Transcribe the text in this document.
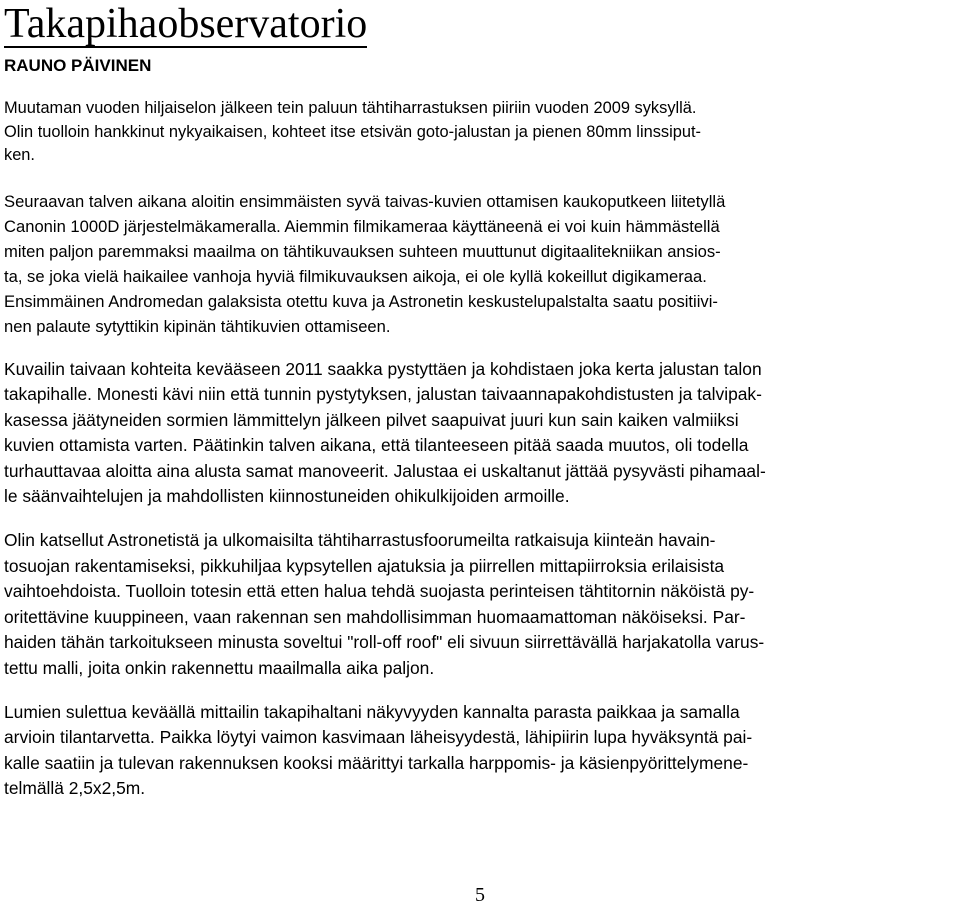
Takapihaobservatorio
RAUNO PÄIVINEN

Muutaman vuoden hiljaiselon jälkeen tein paluun tähtiharrastuksen piiriin vuoden 2009 syksyllä.
Olin tuolloin hankkinut nykyaikaisen, kohteet itse etsivän goto-jalustan ja pienen 80mm linssiput-
ken.

Seuraavan talven aikana aloitin ensimmäisten syvä taivas-kuvien ottamisen kaukoputkeen liitetyllä
Canonin 1000D järjestelmäkameralla. Aiemmin filmikameraa käyttäneenä ei voi kuin hämmästellä
miten paljon paremmaksi maailma on tähtikuvauksen suhteen muuttunut digitaalitekniikan ansios-
ta, se joka vielä haikailee vanhoja hyviä filmikuvauksen aikoja, ei ole kyllä kokeillut digikameraa.
Ensimmäinen Andromedan galaksista otettu kuva ja Astronetin keskustelupalstalta saatu positiivi-
nen palaute sytyttikin kipinän tähtikuvien ottamiseen.

Kuvailin taivaan kohteita kevääseen 2011 saakka pystyttäen ja kohdistaen joka kerta jalustan talon
takapihalle. Monesti kävi niin että tunnin pystytyksen, jalustan taivaannapakohdistusten ja talvipak-
kasessa jäätyneiden sormien lämmittelyn jälkeen pilvet saapuivat juuri kun sain kaiken valmiiksi
kuvien ottamista varten. Päätinkin talven aikana, että tilanteeseen pitää saada muutos, oli todella
turhauttavaa aloitta aina alusta samat manoveerit. Jalustaa ei uskaltanut jättää pysyvästi pihamaal-
le säänvaihtelujen ja mahdollisten kiinnostuneiden ohikulkijoiden armoille.

Olin katsellut Astronetistä ja ulkomaisilta tähtiharrastusfoorumeilta ratkaisuja kiinteän havain-
tosuojan rakentamiseksi, pikkuhiljaa kypsytellen ajatuksia ja piirrellen mittapiirroksia erilaisista
vaihtoehdoista. Tuolloin totesin että etten halua tehdä suojasta perinteisen tähtitornin näköistä py-
oritettävine kuuppineen, vaan rakennan sen mahdollisimman huomaamattoman näköiseksi. Par-
haiden tähän tarkoitukseen minusta soveltui "roll-off roof" eli sivuun siirrettävällä harjakatolla varus-
tettu malli, joita onkin rakennettu maailmalla aika paljon.

Lumien sulettua keväällä mittailin takapihaltani näkyvyyden kannalta parasta paikkaa ja samalla
arvioin tilantarvetta. Paikka löytyi vaimon kasvimaan läheisyydestä, lähipiirin lupa hyväksyntä pai-
kalle saatiin ja tulevan rakennuksen kooksi määrittyi tarkalla harppomis- ja käsienpyörittelymene-
telmällä 2,5x2,5m.

5
